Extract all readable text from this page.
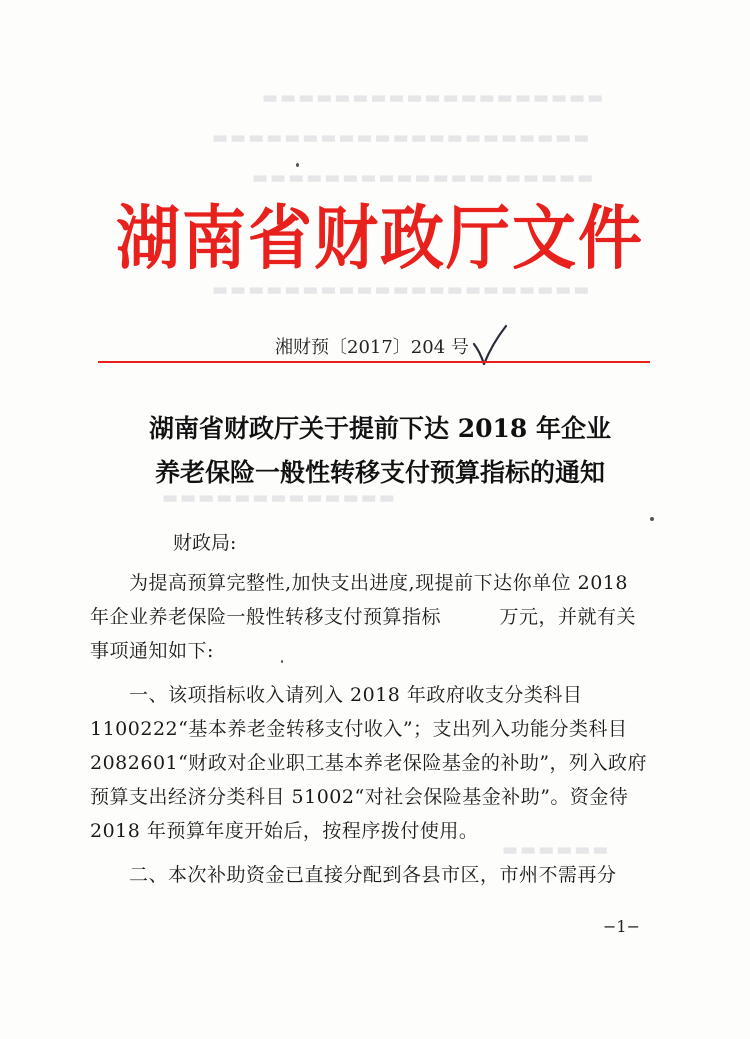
▬▬▬▬▬▬▬▬▬▬▬▬▬▬▬▬▬▬▬
▬▬▬▬▬▬▬▬▬▬▬▬▬▬▬▬▬▬▬▬▬
▬▬▬▬▬▬▬▬▬▬▬▬▬▬▬▬▬▬▬
▬▬▬▬▬▬▬▬▬▬▬▬▬▬▬▬▬▬▬▬▬
▬▬▬▬▬▬▬▬▬▬▬▬▬
▬▬▬▬▬▬
湖南省财政厅文件
湘财预〔2017〕204 号
湖南省财政厅关于提前下达 2018 年企业
养老保险一般性转移支付预算指标的通知
财政局:
　　为提高预算完整性,加快支出进度,现提前下达你单位 2018
年企业养老保险一般性转移支付预算指标　　　万元，并就有关
事项通知如下:
　　一、该项指标收入请列入 2018 年政府收支分类科目
1100222“基本养老金转移支付收入”；支出列入功能分类科目
2082601“财政对企业职工基本养老保险基金的补助”，列入政府
预算支出经济分类科目 51002“对社会保险基金补助”。资金待
2018 年预算年度开始后，按程序拨付使用。
　　二、本次补助资金已直接分配到各县市区，市州不需再分
−1−
